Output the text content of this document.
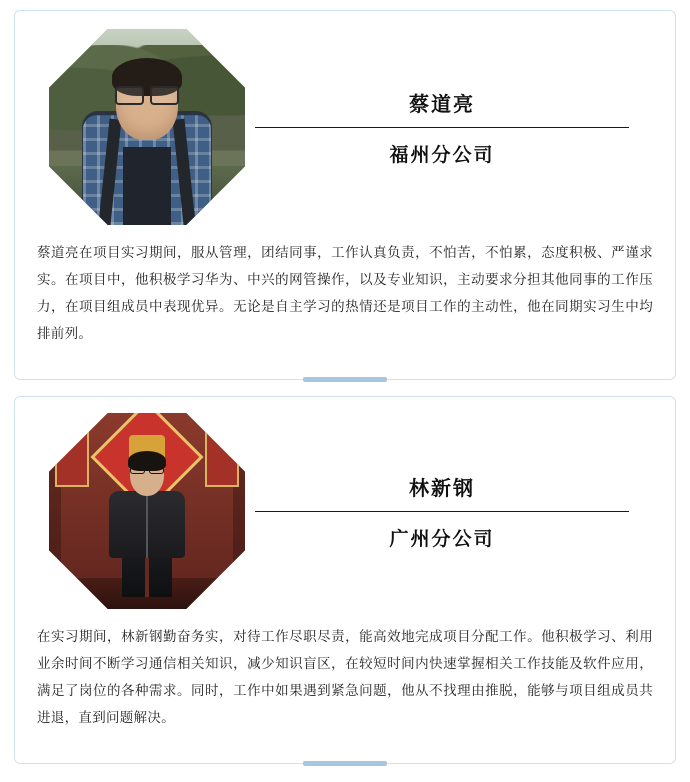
蔡道亮
福州分公司
蔡道亮在项目实习期间，服从管理，团结同事，工作认真负责，不怕苦，不怕累，态度积极、严谨求实。在项目中，他积极学习华为、中兴的网管操作，以及专业知识，主动要求分担其他同事的工作压力，在项目组成员中表现优异。无论是自主学习的热情还是项目工作的主动性，他在同期实习生中均排前列。
林新钢
广州分公司
在实习期间，林新钢勤奋务实，对待工作尽职尽责，能高效地完成项目分配工作。他积极学习、利用业余时间不断学习通信相关知识，减少知识盲区，在较短时间内快速掌握相关工作技能及软件应用，满足了岗位的各种需求。同时，工作中如果遇到紧急问题，他从不找理由推脱，能够与项目组成员共进退，直到问题解决。
